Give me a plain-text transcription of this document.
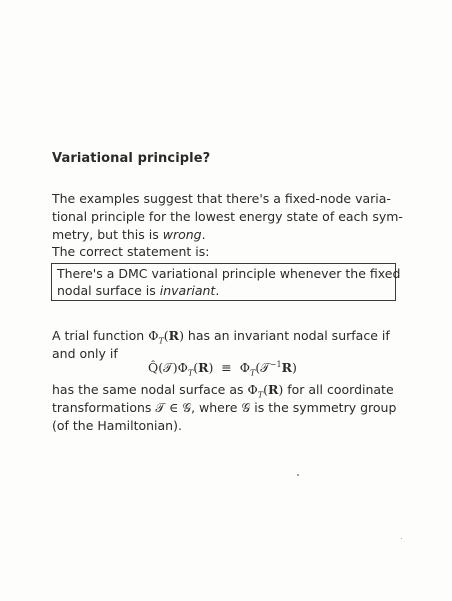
Variational principle?
The examples suggest that there's a fixed-node varia-
tional principle for the lowest energy state of each sym-
metry, but this is wrong.
The correct statement is:
There's a DMC variational principle whenever the fixed
nodal surface is invariant.
A trial function $\Phi_T(R)$ has an invariant nodal surface if
and only if
$Q̂(𝒯)\Phi_T(R)$  ≡ $\Phi_T(𝒯^{-1}R)$
has the same nodal surface as $\Phi_T(R)$ for all coordinate
transformations 𝒯 ∈ 𝒢, where 𝒢 is the symmetry group
(of the Hamiltonian).
